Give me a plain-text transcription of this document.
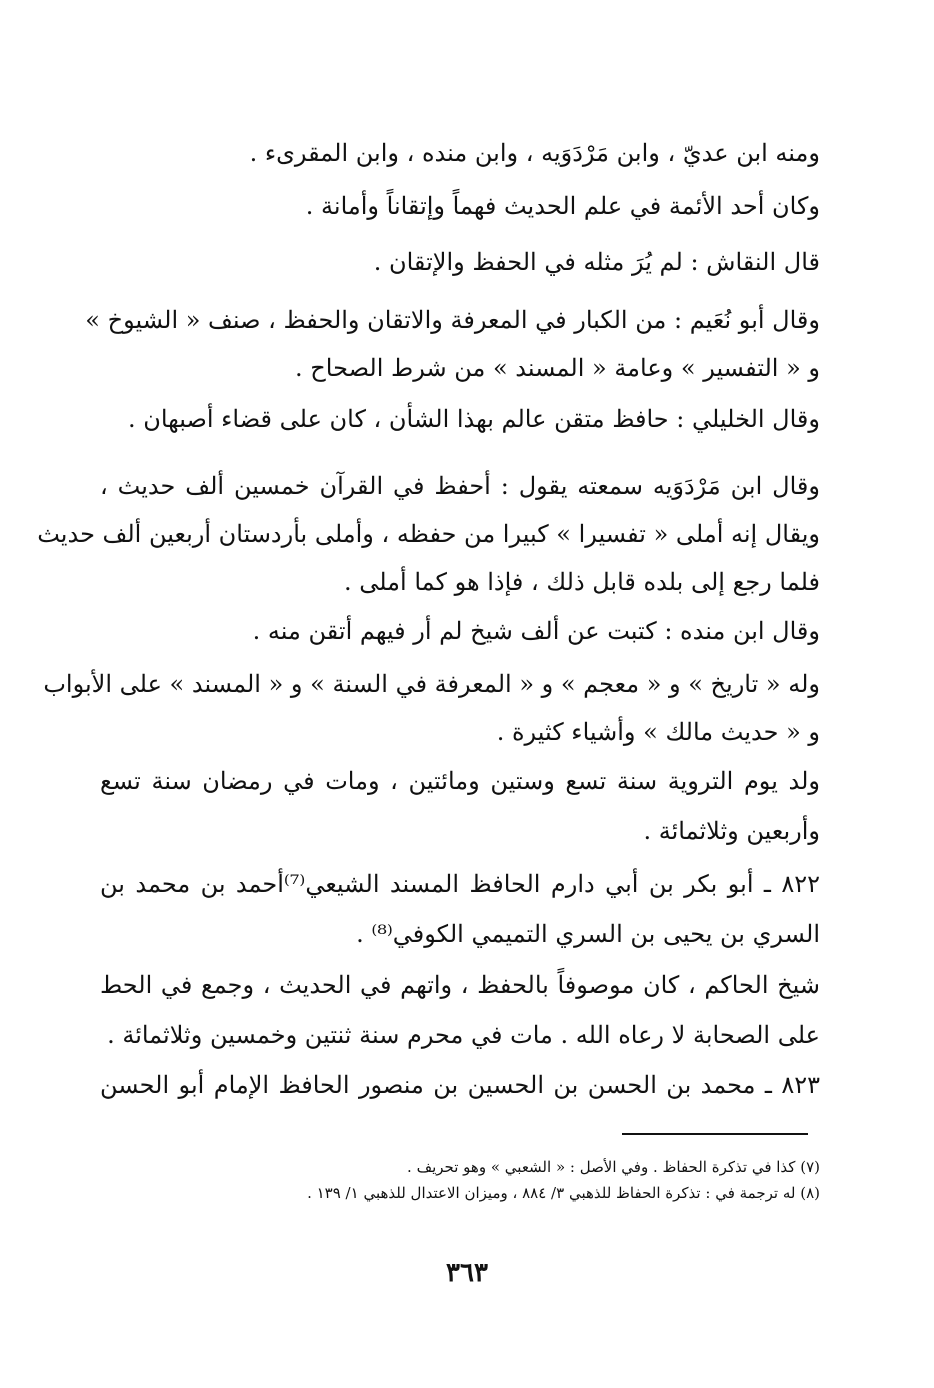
ومنه ابن عديّ ، وابن مَرْدَوَيه ، وابن منده ، وابن المقرىء .
وكان أحد الأئمة في علم الحديث فهماً وإتقاناً وأمانة .
قال النقاش : لم يُرَ مثله في الحفظ والإتقان .
وقال أبو نُعَيم : من الكبار في المعرفة والاتقان والحفظ ، صنف « الشيوخ »
و « التفسير » وعامة « المسند » من شرط الصحاح .
وقال الخليلي : حافظ متقن عالم بهذا الشأن ، كان على قضاء أصبهان .
وقال ابن مَرْدَوَيه سمعته يقول : أحفظ في القرآن خمسين ألف حديث ،
ويقال إنه أملى « تفسيرا » كبيرا من حفظه ، وأملى بأردستان أربعين ألف حديث
فلما رجع إلى بلده قابل ذلك ، فإذا هو كما أملى .
وقال ابن منده : كتبت عن ألف شيخ لم أر فيهم أتقن منه .
وله « تاريخ » و « معجم » و « المعرفة في السنة » و « المسند » على الأبواب
و « حديث مالك » وأشياء كثيرة .
ولد يوم التروية سنة تسع وستين ومائتين ، ومات في رمضان سنة تسع
وأربعين وثلاثمائة .
٨٢٢ ـ أبو بكر بن أبي دارم الحافظ المسند الشيعي⁽⁷⁾أحمد بن محمد بن
السري بن يحيى بن السري التميمي الكوفي⁽⁸⁾ .
شيخ الحاكم ، كان موصوفاً بالحفظ ، واتهم في الحديث ، وجمع في الحط
على الصحابة لا رعاه الله . مات في محرم سنة ثنتين وخمسين وثلاثمائة .
٨٢٣ ـ محمد بن الحسن بن الحسين بن منصور الحافظ الإمام أبو الحسن
(٧) كذا في تذكرة الحفاظ . وفي الأصل : « الشعبي » وهو تحريف .
(٨) له ترجمة في : تذكرة الحفاظ للذهبي ٣/ ٨٨٤ ، وميزان الاعتدال للذهبي ١/ ١٣٩ .
٣٦٣
